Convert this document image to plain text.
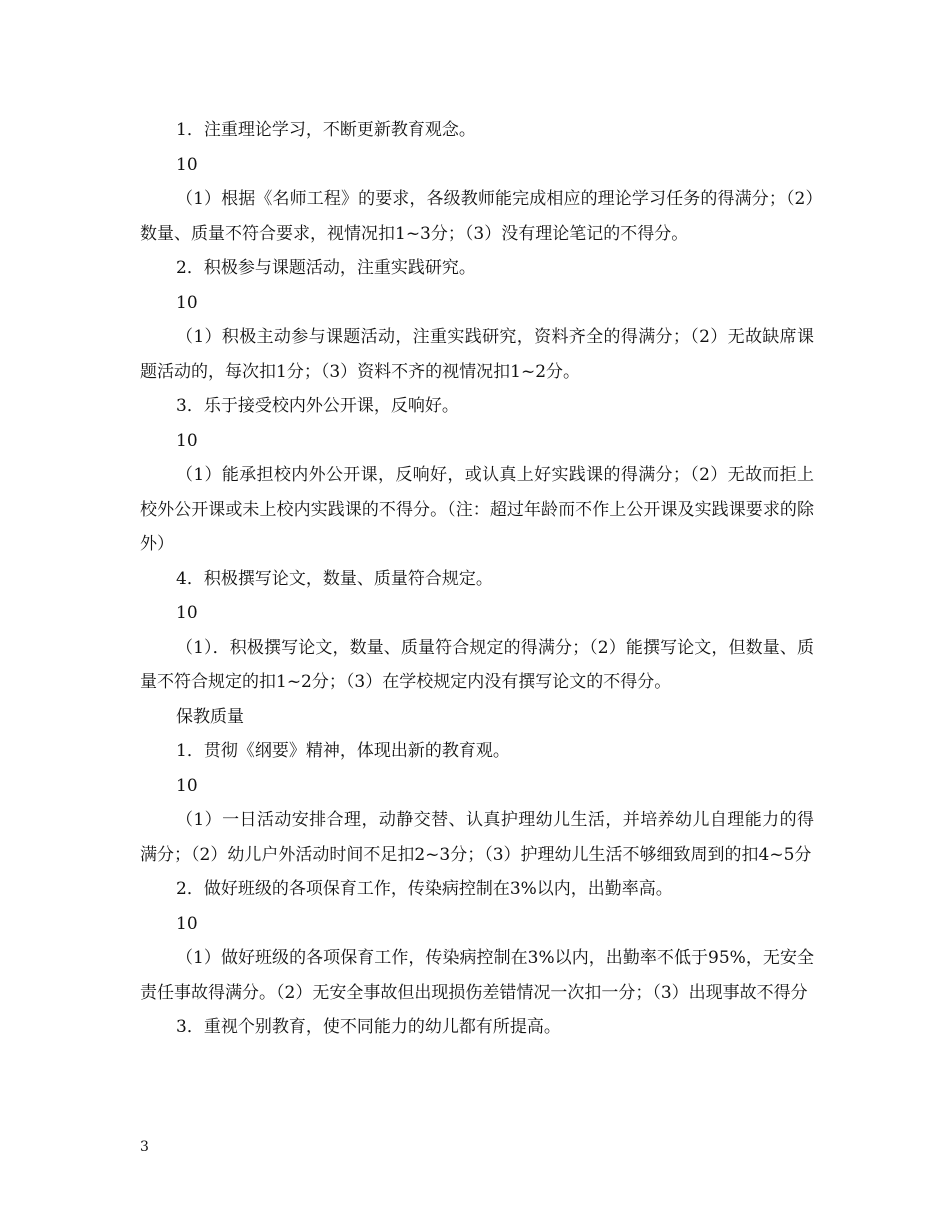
1．注重理论学习，不断更新教育观念。

10

（1）根据《名师工程》的要求，各级教师能完成相应的理论学习任务的得满分；（2）数量、质量不符合要求，视情况扣1~3分；（3）没有理论笔记的不得分。

2．积极参与课题活动，注重实践研究。

10

（1）积极主动参与课题活动，注重实践研究，资料齐全的得满分；（2）无故缺席课题活动的，每次扣1分；（3）资料不齐的视情况扣1~2分。

3．乐于接受校内外公开课，反响好。

10

（1）能承担校内外公开课，反响好，或认真上好实践课的得满分；（2）无故而拒上校外公开课或未上校内实践课的不得分。（注：超过年龄而不作上公开课及实践课要求的除外）

4．积极撰写论文，数量、质量符合规定。

10

（1）．积极撰写论文，数量、质量符合规定的得满分；（2）能撰写论文，但数量、质量不符合规定的扣1~2分；（3）在学校规定内没有撰写论文的不得分。

保教质量

1．贯彻《纲要》精神，体现出新的教育观。

10

（1）一日活动安排合理，动静交替、认真护理幼儿生活，并培养幼儿自理能力的得满分；（2）幼儿户外活动时间不足扣2~3分；（3）护理幼儿生活不够细致周到的扣4~5分

2．做好班级的各项保育工作，传染病控制在3%以内，出勤率高。

10

（1）做好班级的各项保育工作，传染病控制在3%以内，出勤率不低于95%，无安全责任事故得满分。（2）无安全事故但出现损伤差错情况一次扣一分；（3）出现事故不得分

3．重视个别教育，使不同能力的幼儿都有所提高。

3
